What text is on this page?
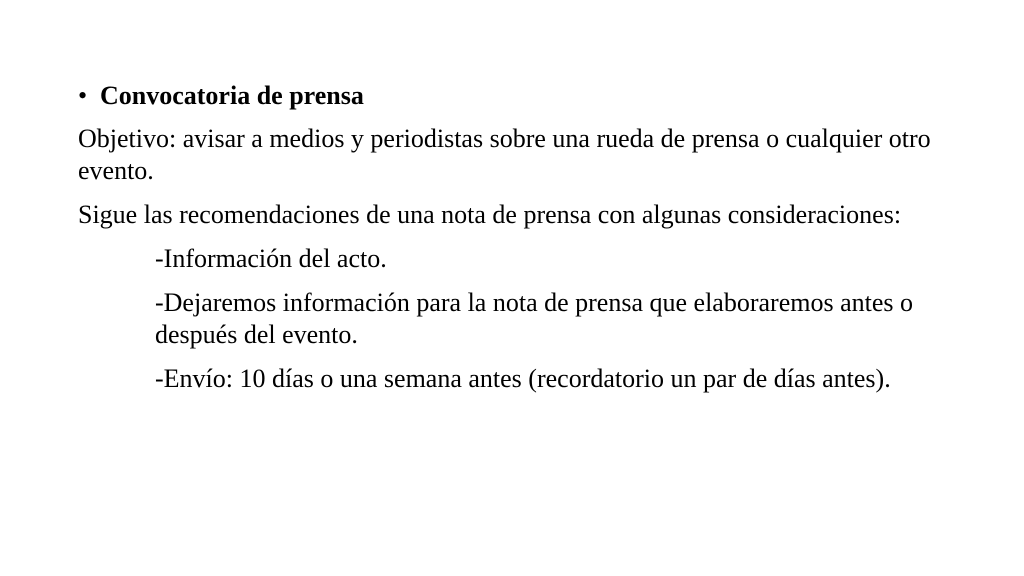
• Convocatoria de prensa

Objetivo: avisar a medios y periodistas sobre una rueda de prensa o cualquier otro evento.

Sigue las recomendaciones de una nota de prensa con algunas consideraciones:

-Información del acto.

-Dejaremos información para la nota de prensa que elaboraremos antes o después del evento.

-Envío: 10 días o una semana antes (recordatorio un par de días antes).
